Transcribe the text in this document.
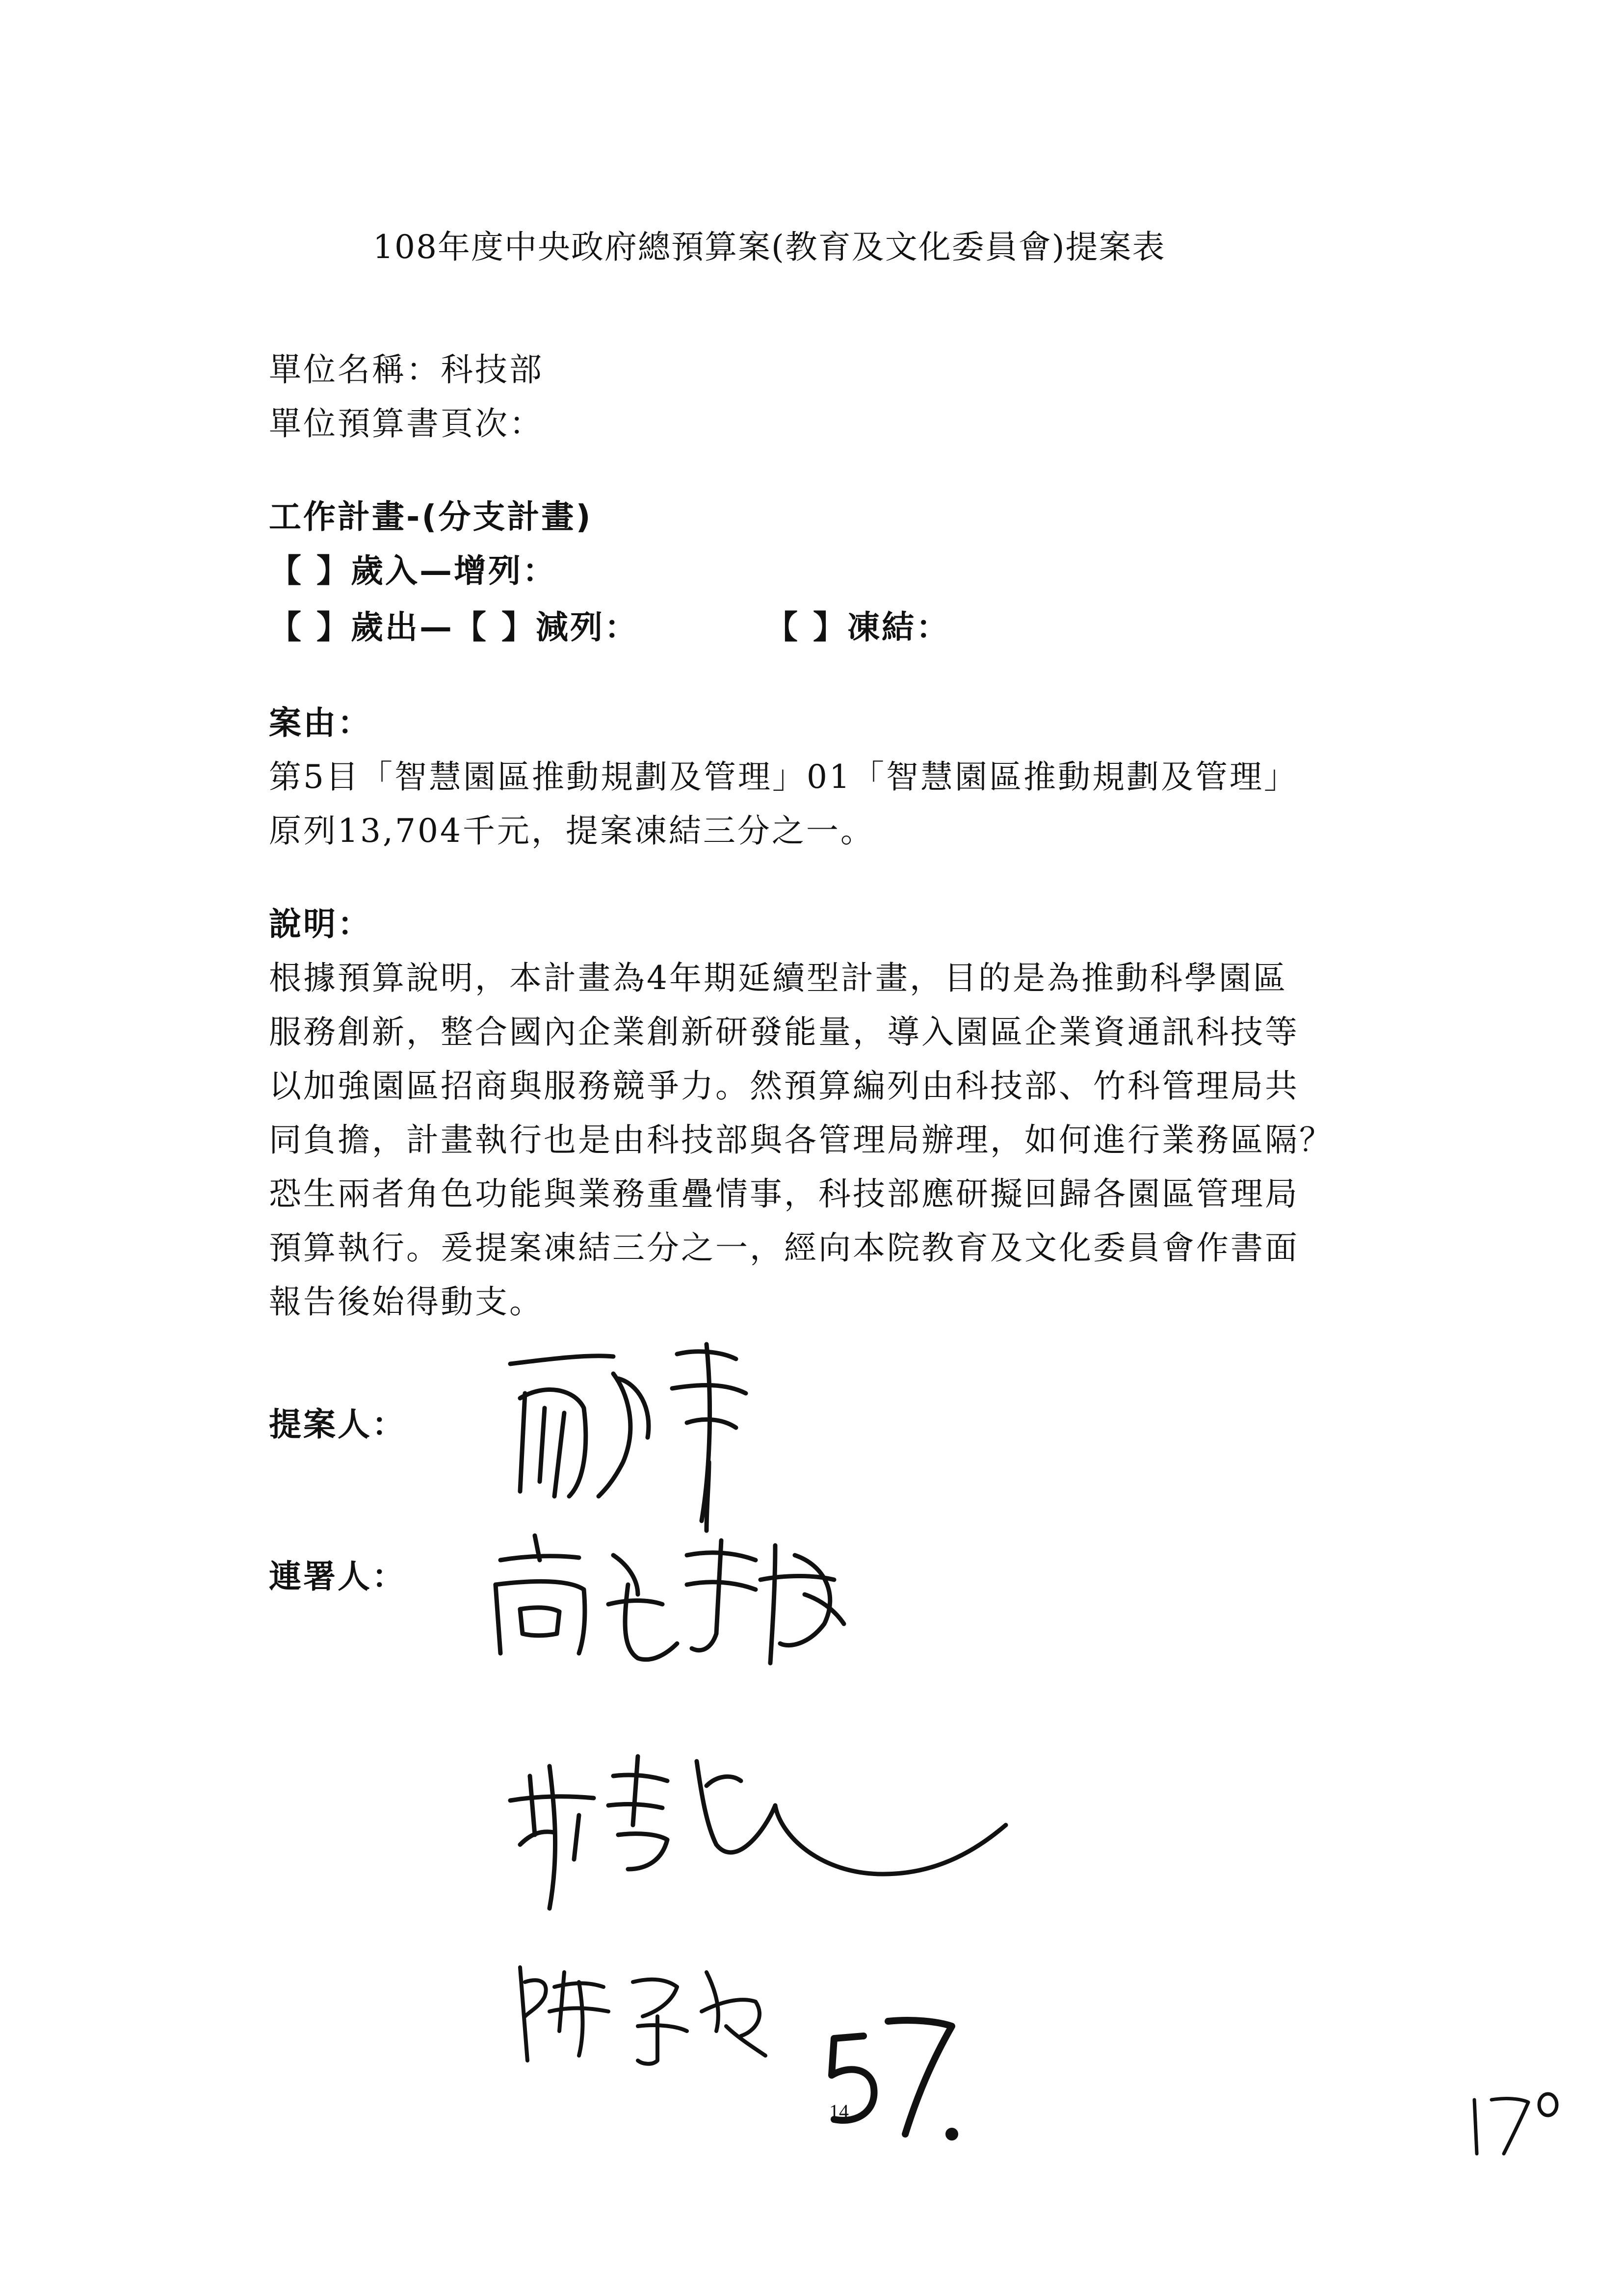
108年度中央政府總預算案(教育及文化委員會)提案表
單位名稱：科技部
單位預算書頁次：
工作計畫-(分支計畫)
【 】歲入—增列：
【 】歲出—【 】減列：	【 】凍結：
案由：
第5目「智慧園區推動規劃及管理」01「智慧園區推動規劃及管理」
原列13,704千元，提案凍結三分之一。
說明：
根據預算說明，本計畫為4年期延續型計畫，目的是為推動科學園區
服務創新，整合國內企業創新研發能量，導入園區企業資通訊科技等
以加強園區招商與服務競爭力。然預算編列由科技部、竹科管理局共
同負擔，計畫執行也是由科技部與各管理局辦理，如何進行業務區隔？
恐生兩者角色功能與業務重疊情事，科技部應研擬回歸各園區管理局
預算執行。爰提案凍結三分之一，經向本院教育及文化委員會作書面
報告後始得動支。
提案人：
連署人：
14
